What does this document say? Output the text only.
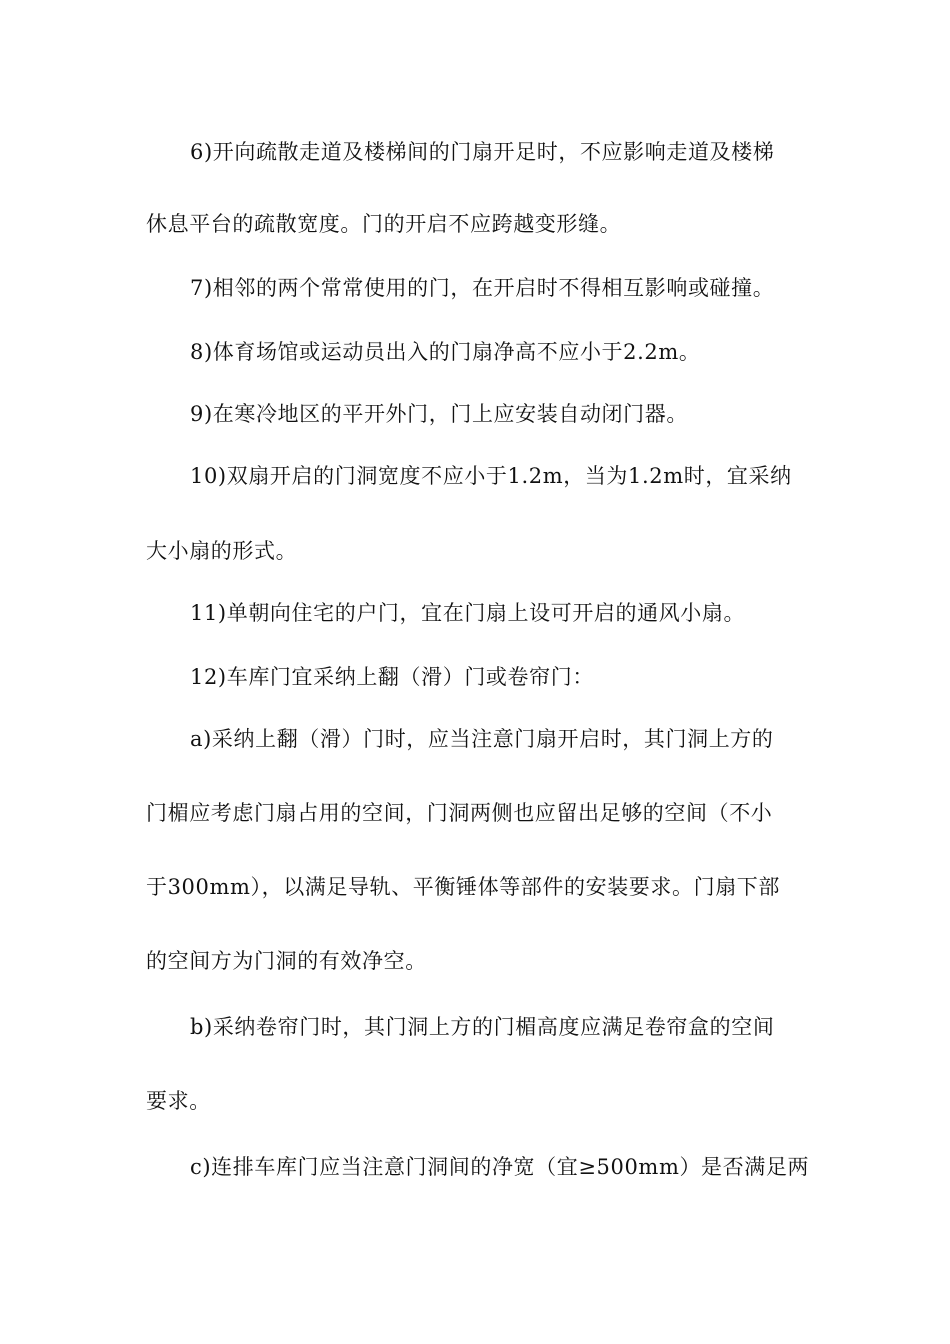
6)开向疏散走道及楼梯间的门扇开足时，不应影响走道及楼梯
休息平台的疏散宽度。门的开启不应跨越变形缝。
7)相邻的两个常常使用的门，在开启时不得相互影响或碰撞。
8)体育场馆或运动员出入的门扇净高不应小于2.2m。
9)在寒冷地区的平开外门，门上应安装自动闭门器。
10)双扇开启的门洞宽度不应小于1.2m，当为1.2m时，宜采纳
大小扇的形式。
11)单朝向住宅的户门，宜在门扇上设可开启的通风小扇。
12)车库门宜采纳上翻（滑）门或卷帘门：
a)采纳上翻（滑）门时，应当注意门扇开启时，其门洞上方的
门楣应考虑门扇占用的空间，门洞两侧也应留出足够的空间（不小
于300mm），以满足导轨、平衡锤体等部件的安装要求。门扇下部
的空间方为门洞的有效净空。
b)采纳卷帘门时，其门洞上方的门楣高度应满足卷帘盒的空间
要求。
c)连排车库门应当注意门洞间的净宽（宜≥500mm）是否满足两
